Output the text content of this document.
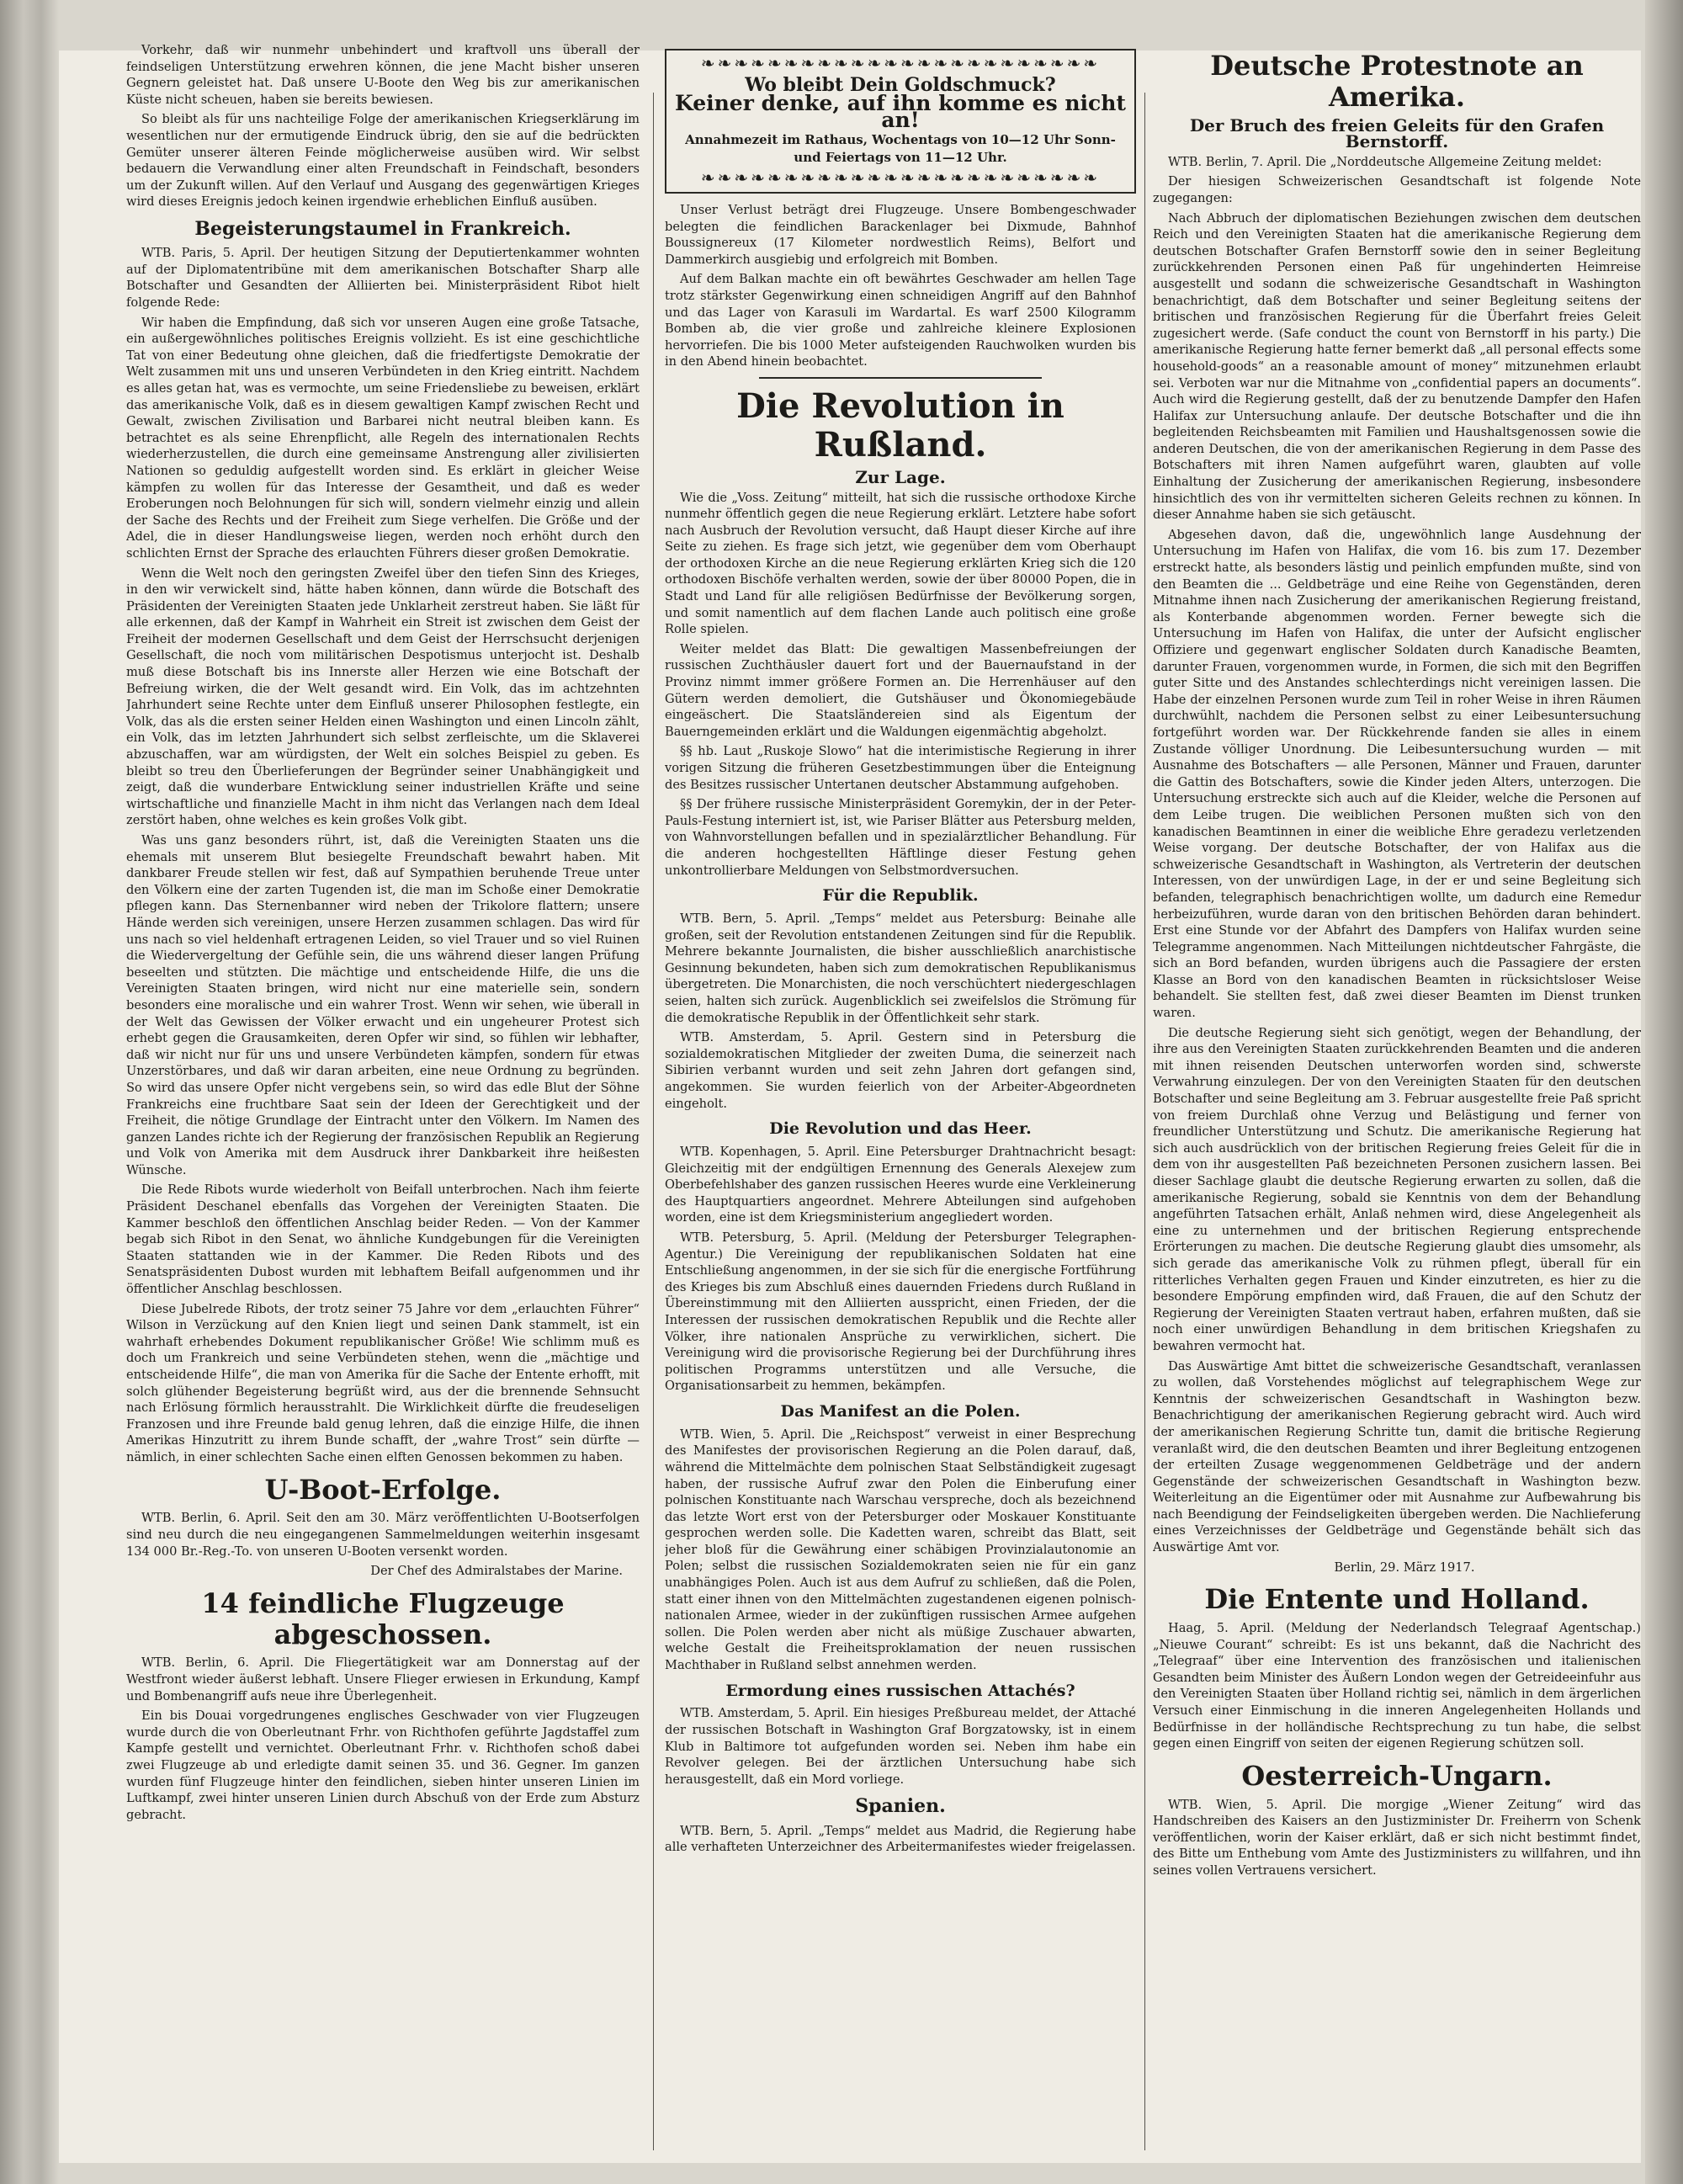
Vorkehr, daß wir nunmehr unbehindert und kraftvoll uns überall der feindseligen Unterstützung erwehren können, die jene Macht bisher unseren Gegnern geleistet hat. Daß unsere U-Boote den Weg bis zur amerikanischen Küste nicht scheuen, haben sie bereits bewiesen.

So bleibt als für uns nachteilige Folge der amerikanischen Kriegserklärung im wesentlichen nur der ermutigende Eindruck übrig, den sie auf die bedrückten Gemüter unserer älteren Feinde möglicherweise ausüben wird. Wir selbst bedauern die Verwandlung einer alten Freundschaft in Feindschaft, besonders um der Zukunft willen. Auf den Verlauf und Ausgang des gegenwärtigen Krieges wird dieses Ereignis jedoch keinen irgendwie erheblichen Einfluß ausüben.

Begeisterungstaumel in Frankreich.

WTB. Paris, 5. April. Der heutigen Sitzung der Deputiertenkammer wohnten auf der Diplomatentribüne mit dem amerikanischen Botschafter Sharp alle Botschafter und Gesandten der Alliierten bei. Ministerpräsident Ribot hielt folgende Rede:

Wir haben die Empfindung, daß sich vor unseren Augen eine große Tatsache, ein außergewöhnliches politisches Ereignis vollzieht. Es ist eine geschichtliche Tat von einer Bedeutung ohne gleichen, daß die friedfertigste Demokratie der Welt zusammen mit uns und unseren Verbündeten in den Krieg eintritt. Nachdem es alles getan hat, was es vermochte, um seine Friedensliebe zu beweisen, erklärt das amerikanische Volk, daß es in diesem gewaltigen Kampf zwischen Recht und Gewalt, zwischen Zivilisation und Barbarei nicht neutral bleiben kann. Es betrachtet es als seine Ehrenpflicht, alle Regeln des internationalen Rechts wiederherzustellen, die durch eine gemeinsame Anstrengung aller zivilisierten Nationen so geduldig aufgestellt worden sind. Es erklärt in gleicher Weise kämpfen zu wollen für das Interesse der Gesamtheit, und daß es weder Eroberungen noch Belohnungen für sich will, sondern vielmehr einzig und allein der Sache des Rechts und der Freiheit zum Siege verhelfen. Die Größe und der Adel, die in dieser Handlungsweise liegen, werden noch erhöht durch den schlichten Ernst der Sprache des erlauchten Führers dieser großen Demokratie.

Wenn die Welt noch den geringsten Zweifel über den tiefen Sinn des Krieges, in den wir verwickelt sind, hätte haben können, dann würde die Botschaft des Präsidenten der Vereinigten Staaten jede Unklarheit zerstreut haben. Sie läßt für alle erkennen, daß der Kampf in Wahrheit ein Streit ist zwischen dem Geist der Freiheit der modernen Gesellschaft und dem Geist der Herrschsucht derjenigen Gesellschaft, die noch vom militärischen Despotismus unterjocht ist. Deshalb muß diese Botschaft bis ins Innerste aller Herzen wie eine Botschaft der Befreiung wirken, die der Welt gesandt wird. Ein Volk, das im achtzehnten Jahrhundert seine Rechte unter dem Einfluß unserer Philosophen festlegte, ein Volk, das als die ersten seiner Helden einen Washington und einen Lincoln zählt, ein Volk, das im letzten Jahrhundert sich selbst zerfleischte, um die Sklaverei abzuschaffen, war am würdigsten, der Welt ein solches Beispiel zu geben. Es bleibt so treu den Überlieferungen der Begründer seiner Unabhängigkeit und zeigt, daß die wunderbare Entwicklung seiner industriellen Kräfte und seine wirtschaftliche und finanzielle Macht in ihm nicht das Verlangen nach dem Ideal zerstört haben, ohne welches es kein großes Volk gibt.

Was uns ganz besonders rührt, ist, daß die Vereinigten Staaten uns die ehemals mit unserem Blut besiegelte Freundschaft bewahrt haben. Mit dankbarer Freude stellen wir fest, daß auf Sympathien beruhende Treue unter den Völkern eine der zarten Tugenden ist, die man im Schoße einer Demokratie pflegen kann. Das Sternenbanner wird neben der Trikolore flattern; unsere Hände werden sich vereinigen, unsere Herzen zusammen schlagen. Das wird für uns nach so viel heldenhaft ertragenen Leiden, so viel Trauer und so viel Ruinen die Wiedervergeltung der Gefühle sein, die uns während dieser langen Prüfung beseelten und stützten. Die mächtige und entscheidende Hilfe, die uns die Vereinigten Staaten bringen, wird nicht nur eine materielle sein, sondern besonders eine moralische und ein wahrer Trost. Wenn wir sehen, wie überall in der Welt das Gewissen der Völker erwacht und ein ungeheurer Protest sich erhebt gegen die Grausamkeiten, deren Opfer wir sind, so fühlen wir lebhafter, daß wir nicht nur für uns und unsere Verbündeten kämpfen, sondern für etwas Unzerstörbares, und daß wir daran arbeiten, eine neue Ordnung zu begründen. So wird das unsere Opfer nicht vergebens sein, so wird das edle Blut der Söhne Frankreichs eine fruchtbare Saat sein der Ideen der Gerechtigkeit und der Freiheit, die nötige Grundlage der Eintracht unter den Völkern. Im Namen des ganzen Landes richte ich der Regierung der französischen Republik an Regierung und Volk von Amerika mit dem Ausdruck ihrer Dankbarkeit ihre heißesten Wünsche.

Die Rede Ribots wurde wiederholt von Beifall unterbrochen. Nach ihm feierte Präsident Deschanel ebenfalls das Vorgehen der Vereinigten Staaten. Die Kammer beschloß den öffentlichen Anschlag beider Reden. — Von der Kammer begab sich Ribot in den Senat, wo ähnliche Kundgebungen für die Vereinigten Staaten stattanden wie in der Kammer. Die Reden Ribots und des Senatspräsidenten Dubost wurden mit lebhaftem Beifall aufgenommen und ihr öffentlicher Anschlag beschlossen.

Diese Jubelrede Ribots, der trotz seiner 75 Jahre vor dem „erlauchten Führer“ Wilson in Verzückung auf den Knien liegt und seinen Dank stammelt, ist ein wahrhaft erhebendes Dokument republikanischer Größe! Wie schlimm muß es doch um Frankreich und seine Verbündeten stehen, wenn die „mächtige und entscheidende Hilfe“, die man von Amerika für die Sache der Entente erhofft, mit solch glühender Begeisterung begrüßt wird, aus der die brennende Sehnsucht nach Erlösung förmlich herausstrahlt. Die Wirklichkeit dürfte die freudeseligen Franzosen und ihre Freunde bald genug lehren, daß die einzige Hilfe, die ihnen Amerikas Hinzutritt zu ihrem Bunde schafft, der „wahre Trost“ sein dürfte — nämlich, in einer schlechten Sache einen elften Genossen bekommen zu haben.

U-Boot-Erfolge.

WTB. Berlin, 6. April. Seit den am 30. März veröffentlichten U-Bootserfolgen sind neu durch die neu eingegangenen Sammelmeldungen weiterhin insgesamt 134 000 Br.-Reg.-To. von unseren U-Booten versenkt worden.

Der Chef des Admiralstabes der Marine.

14 feindliche Flugzeuge abgeschossen.

WTB. Berlin, 6. April. Die Fliegertätigkeit war am Donnerstag auf der Westfront wieder äußerst lebhaft. Unsere Flieger erwiesen in Erkundung, Kampf und Bombenangriff aufs neue ihre Überlegenheit.

Ein bis Douai vorgedrungenes englisches Geschwader von vier Flugzeugen wurde durch die von Oberleutnant Frhr. von Richthofen geführte Jagdstaffel zum Kampfe gestellt und vernichtet. Oberleutnant Frhr. v. Richthofen schoß dabei zwei Flugzeuge ab und erledigte damit seinen 35. und 36. Gegner. Im ganzen wurden fünf Flugzeuge hinter den feindlichen, sieben hinter unseren Linien im Luftkampf, zwei hinter unseren Linien durch Abschuß von der Erde zum Absturz gebracht.

❧❧❧❧❧❧❧❧❧❧❧❧❧❧❧❧❧❧❧❧❧❧❧❧
Wo bleibt Dein Goldschmuck?
Keiner denke, auf ihn komme es nicht an!
Annahmezeit im Rathaus, Wochentags von 10—12 Uhr Sonn- und Feiertags von 11—12 Uhr.
❧❧❧❧❧❧❧❧❧❧❧❧❧❧❧❧❧❧❧❧❧❧❧❧

Unser Verlust beträgt drei Flugzeuge. Unsere Bombengeschwader belegten die feindlichen Barackenlager bei Dixmude, Bahnhof Boussignereux (17 Kilometer nordwestlich Reims), Belfort und Dammerkirch ausgiebig und erfolgreich mit Bomben.

Auf dem Balkan machte ein oft bewährtes Geschwader am hellen Tage trotz stärkster Gegenwirkung einen schneidigen Angriff auf den Bahnhof und das Lager von Karasuli im Wardartal. Es warf 2500 Kilogramm Bomben ab, die vier große und zahlreiche kleinere Explosionen hervorriefen. Die bis 1000 Meter aufsteigenden Rauchwolken wurden bis in den Abend hinein beobachtet.

Die Revolution in Rußland.
Zur Lage.

Wie die „Voss. Zeitung“ mitteilt, hat sich die russische orthodoxe Kirche nunmehr öffentlich gegen die neue Regierung erklärt. Letztere habe sofort nach Ausbruch der Revolution versucht, daß Haupt dieser Kirche auf ihre Seite zu ziehen. Es frage sich jetzt, wie gegenüber dem vom Oberhaupt der orthodoxen Kirche an die neue Regierung erklärten Krieg sich die 120 orthodoxen Bischöfe verhalten werden, sowie der über 80000 Popen, die in Stadt und Land für alle religiösen Bedürfnisse der Bevölkerung sorgen, und somit namentlich auf dem flachen Lande auch politisch eine große Rolle spielen.

Weiter meldet das Blatt: Die gewaltigen Massenbefreiungen der russischen Zuchthäusler dauert fort und der Bauernaufstand in der Provinz nimmt immer größere Formen an. Die Herrenhäuser auf den Gütern werden demoliert, die Gutshäuser und Ökonomiegebäude eingeäschert. Die Staatsländereien sind als Eigentum der Bauerngemeinden erklärt und die Waldungen eigenmächtig abgeholzt.

§§ hb. Laut „Ruskoje Slowo“ hat die interimistische Regierung in ihrer vorigen Sitzung die früheren Gesetzbestimmungen über die Enteignung des Besitzes russischer Untertanen deutscher Abstammung aufgehoben.

§§ Der frühere russische Ministerpräsident Goremykin, der in der Peter-Pauls-Festung interniert ist, ist, wie Pariser Blätter aus Petersburg melden, von Wahnvorstellungen befallen und in spezialärztlicher Behandlung. Für die anderen hochgestellten Häftlinge dieser Festung gehen unkontrollierbare Meldungen von Selbstmordversuchen.

Für die Republik.

WTB. Bern, 5. April. „Temps“ meldet aus Petersburg: Beinahe alle großen, seit der Revolution entstandenen Zeitungen sind für die Republik. Mehrere bekannte Journalisten, die bisher ausschließlich anarchistische Gesinnung bekundeten, haben sich zum demokratischen Republikanismus übergetreten. Die Monarchisten, die noch verschüchtert niedergeschlagen seien, halten sich zurück. Augenblicklich sei zweifelslos die Strömung für die demokratische Republik in der Öffentlichkeit sehr stark.

WTB. Amsterdam, 5. April. Gestern sind in Petersburg die sozialdemokratischen Mitglieder der zweiten Duma, die seinerzeit nach Sibirien verbannt wurden und seit zehn Jahren dort gefangen sind, angekommen. Sie wurden feierlich von der Arbeiter-Abgeordneten eingeholt.

Die Revolution und das Heer.

WTB. Kopenhagen, 5. April. Eine Petersburger Drahtnachricht besagt: Gleichzeitig mit der endgültigen Ernennung des Generals Alexejew zum Oberbefehlshaber des ganzen russischen Heeres wurde eine Verkleinerung des Hauptquartiers angeordnet. Mehrere Abteilungen sind aufgehoben worden, eine ist dem Kriegsministerium angegliedert worden.

WTB. Petersburg, 5. April. (Meldung der Petersburger Telegraphen-Agentur.) Die Vereinigung der republikanischen Soldaten hat eine Entschließung angenommen, in der sie sich für die energische Fortführung des Krieges bis zum Abschluß eines dauernden Friedens durch Rußland in Übereinstimmung mit den Alliierten ausspricht, einen Frieden, der die Interessen der russischen demokratischen Republik und die Rechte aller Völker, ihre nationalen Ansprüche zu verwirklichen, sichert. Die Vereinigung wird die provisorische Regierung bei der Durchführung ihres politischen Programms unterstützen und alle Versuche, die Organisationsarbeit zu hemmen, bekämpfen.

Das Manifest an die Polen.

WTB. Wien, 5. April. Die „Reichspost“ verweist in einer Besprechung des Manifestes der provisorischen Regierung an die Polen darauf, daß, während die Mittelmächte dem polnischen Staat Selbständigkeit zugesagt haben, der russische Aufruf zwar den Polen die Einberufung einer polnischen Konstituante nach Warschau verspreche, doch als bezeichnend das letzte Wort erst von der Petersburger oder Moskauer Konstituante gesprochen werden solle. Die Kadetten waren, schreibt das Blatt, seit jeher bloß für die Gewährung einer schäbigen Provinzialautonomie an Polen; selbst die russischen Sozialdemokraten seien nie für ein ganz unabhängiges Polen. Auch ist aus dem Aufruf zu schließen, daß die Polen, statt einer ihnen von den Mittelmächten zugestandenen eigenen polnisch-nationalen Armee, wieder in der zukünftigen russischen Armee aufgehen sollen. Die Polen werden aber nicht als müßige Zuschauer abwarten, welche Gestalt die Freiheitsproklamation der neuen russischen Machthaber in Rußland selbst annehmen werden.

Ermordung eines russischen Attachés?

WTB. Amsterdam, 5. April. Ein hiesiges Preßbureau meldet, der Attaché der russischen Botschaft in Washington Graf Borgzatowsky, ist in einem Klub in Baltimore tot aufgefunden worden sei. Neben ihm habe ein Revolver gelegen. Bei der ärztlichen Untersuchung habe sich herausgestellt, daß ein Mord vorliege.

Spanien.

WTB. Bern, 5. April. „Temps“ meldet aus Madrid, die Regierung habe alle verhafteten Unterzeichner des Arbeitermanifestes wieder freigelassen.

Deutsche Protestnote an Amerika.
Der Bruch des freien Geleits für den Grafen Bernstorff.

WTB. Berlin, 7. April. Die „Norddeutsche Allgemeine Zeitung meldet:

Der hiesigen Schweizerischen Gesandtschaft ist folgende Note zugegangen:

Nach Abbruch der diplomatischen Beziehungen zwischen dem deutschen Reich und den Vereinigten Staaten hat die amerikanische Regierung dem deutschen Botschafter Grafen Bernstorff sowie den in seiner Begleitung zurückkehrenden Personen einen Paß für ungehinderten Heimreise ausgestellt und sodann die schweizerische Gesandtschaft in Washington benachrichtigt, daß dem Botschafter und seiner Begleitung seitens der britischen und französischen Regierung für die Überfahrt freies Geleit zugesichert werde. (Safe conduct the count von Bernstorff in his party.) Die amerikanische Regierung hatte ferner bemerkt daß „all personal effects some household-goods“ an a reasonable amount of money“ mitzunehmen erlaubt sei. Verboten war nur die Mitnahme von „confidential papers an documents“. Auch wird die Regierung gestellt, daß der zu benutzende Dampfer den Hafen Halifax zur Untersuchung anlaufe. Der deutsche Botschafter und die ihn begleitenden Reichsbeamten mit Familien und Haushaltsgenossen sowie die anderen Deutschen, die von der amerikanischen Regierung in dem Passe des Botschafters mit ihren Namen aufgeführt waren, glaubten auf volle Einhaltung der Zusicherung der amerikanischen Regierung, insbesondere hinsichtlich des von ihr vermittelten sicheren Geleits rechnen zu können. In dieser Annahme haben sie sich getäuscht.

Abgesehen davon, daß die, ungewöhnlich lange Ausdehnung der Untersuchung im Hafen von Halifax, die vom 16. bis zum 17. Dezember erstreckt hatte, als besonders lästig und peinlich empfunden mußte, sind von den Beamten die ... Geldbeträge und eine Reihe von Gegenständen, deren Mitnahme ihnen nach Zusicherung der amerikanischen Regierung freistand, als Konterbande abgenommen worden. Ferner bewegte sich die Untersuchung im Hafen von Halifax, die unter der Aufsicht englischer Offiziere und gegenwart englischer Soldaten durch Kanadische Beamten, darunter Frauen, vorgenommen wurde, in Formen, die sich mit den Begriffen guter Sitte und des Anstandes schlechterdings nicht vereinigen lassen. Die Habe der einzelnen Personen wurde zum Teil in roher Weise in ihren Räumen durchwühlt, nachdem die Personen selbst zu einer Leibesuntersuchung fortgeführt worden war. Der Rückkehrende fanden sie alles in einem Zustande völliger Unordnung. Die Leibesuntersuchung wurden — mit Ausnahme des Botschafters — alle Personen, Männer und Frauen, darunter die Gattin des Botschafters, sowie die Kinder jeden Alters, unterzogen. Die Untersuchung erstreckte sich auch auf die Kleider, welche die Personen auf dem Leibe trugen. Die weiblichen Personen mußten sich von den kanadischen Beamtinnen in einer die weibliche Ehre geradezu verletzenden Weise vorgang. Der deutsche Botschafter, der von Halifax aus die schweizerische Gesandtschaft in Washington, als Vertreterin der deutschen Interessen, von der unwürdigen Lage, in der er und seine Begleitung sich befanden, telegraphisch benachrichtigen wollte, um dadurch eine Remedur herbeizuführen, wurde daran von den britischen Behörden daran behindert. Erst eine Stunde vor der Abfahrt des Dampfers von Halifax wurden seine Telegramme angenommen. Nach Mitteilungen nichtdeutscher Fahrgäste, die sich an Bord befanden, wurden übrigens auch die Passagiere der ersten Klasse an Bord von den kanadischen Beamten in rücksichtsloser Weise behandelt. Sie stellten fest, daß zwei dieser Beamten im Dienst trunken waren.

Die deutsche Regierung sieht sich genötigt, wegen der Behandlung, der ihre aus den Vereinigten Staaten zurückkehrenden Beamten und die anderen mit ihnen reisenden Deutschen unterworfen worden sind, schwerste Verwahrung einzulegen. Der von den Vereinigten Staaten für den deutschen Botschafter und seine Begleitung am 3. Februar ausgestellte freie Paß spricht von freiem Durchlaß ohne Verzug und Belästigung und ferner von freundlicher Unterstützung und Schutz. Die amerikanische Regierung hat sich auch ausdrücklich von der britischen Regierung freies Geleit für die in dem von ihr ausgestellten Paß bezeichneten Personen zusichern lassen. Bei dieser Sachlage glaubt die deutsche Regierung erwarten zu sollen, daß die amerikanische Regierung, sobald sie Kenntnis von dem der Behandlung angeführten Tatsachen erhält, Anlaß nehmen wird, diese Angelegenheit als eine zu unternehmen und der britischen Regierung entsprechende Erörterungen zu machen. Die deutsche Regierung glaubt dies umsomehr, als sich gerade das amerikanische Volk zu rühmen pflegt, überall für ein ritterliches Verhalten gegen Frauen und Kinder einzutreten, es hier zu die besondere Empörung empfinden wird, daß Frauen, die auf den Schutz der Regierung der Vereinigten Staaten vertraut haben, erfahren mußten, daß sie noch einer unwürdigen Behandlung in dem britischen Kriegshafen zu bewahren vermocht hat.

Das Auswärtige Amt bittet die schweizerische Gesandtschaft, veranlassen zu wollen, daß Vorstehendes möglichst auf telegraphischem Wege zur Kenntnis der schweizerischen Gesandtschaft in Washington bezw. Benachrichtigung der amerikanischen Regierung gebracht wird. Auch wird der amerikanischen Regierung Schritte tun, damit die britische Regierung veranlaßt wird, die den deutschen Beamten und ihrer Begleitung entzogenen der erteilten Zusage weggenommenen Geldbeträge und der andern Gegenstände der schweizerischen Gesandtschaft in Washington bezw. Weiterleitung an die Eigentümer oder mit Ausnahme zur Aufbewahrung bis nach Beendigung der Feindseligkeiten übergeben werden. Die Nachlieferung eines Verzeichnisses der Geldbeträge und Gegenstände behält sich das Auswärtige Amt vor.

Berlin, 29. März 1917.

Die Entente und Holland.

Haag, 5. April. (Meldung der Nederlandsch Telegraaf Agentschap.) „Nieuwe Courant“ schreibt: Es ist uns bekannt, daß die Nachricht des „Telegraaf“ über eine Intervention des französischen und italienischen Gesandten beim Minister des Äußern London wegen der Getreideeinfuhr aus den Vereinigten Staaten über Holland richtig sei, nämlich in dem ärgerlichen Versuch einer Einmischung in die inneren Angelegenheiten Hollands und Bedürfnisse in der holländische Rechtsprechung zu tun habe, die selbst gegen einen Eingriff von seiten der eigenen Regierung schützen soll.

Oesterreich-Ungarn.

WTB. Wien, 5. April. Die morgige „Wiener Zeitung“ wird das Handschreiben des Kaisers an den Justizminister Dr. Freiherrn von Schenk veröffentlichen, worin der Kaiser erklärt, daß er sich nicht bestimmt findet, des Bitte um Enthebung vom Amte des Justizministers zu willfahren, und ihn seines vollen Vertrauens versichert.
